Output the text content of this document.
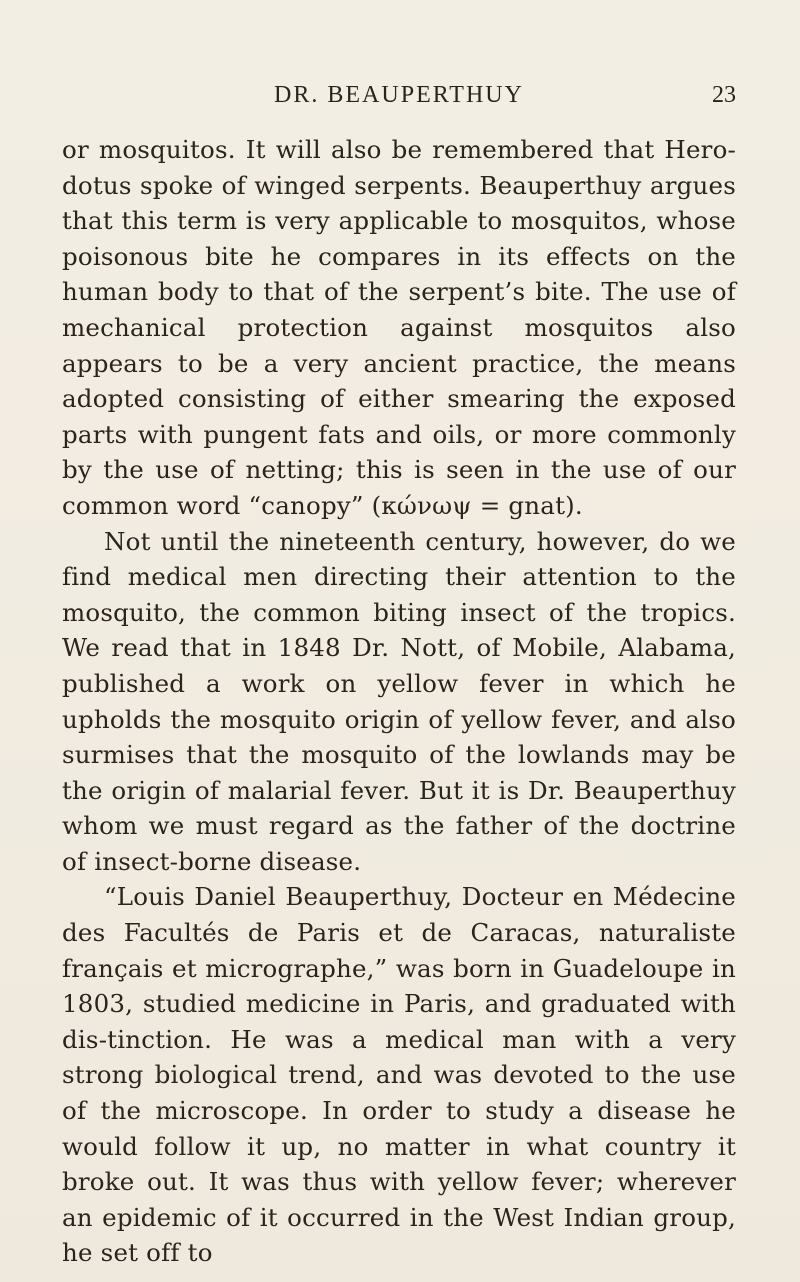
DR. BEAUPERTHUY	23

or mosquitos. It will also be remembered that Hero-dotus spoke of winged serpents. Beauperthuy argues that this term is very applicable to mosquitos, whose poisonous bite he compares in its effects on the human body to that of the serpent’s bite. The use of mechanical protection against mosquitos also appears to be a very ancient practice, the means adopted consisting of either smearing the exposed parts with pungent fats and oils, or more commonly by the use of netting; this is seen in the use of our common word “canopy” (κώνωψ = gnat).

Not until the nineteenth century, however, do we find medical men directing their attention to the mosquito, the common biting insect of the tropics. We read that in 1848 Dr. Nott, of Mobile, Alabama, published a work on yellow fever in which he upholds the mosquito origin of yellow fever, and also surmises that the mosquito of the lowlands may be the origin of malarial fever. But it is Dr. Beauperthuy whom we must regard as the father of the doctrine of insect-borne disease.

“Louis Daniel Beauperthuy, Docteur en Médecine des Facultés de Paris et de Caracas, naturaliste français et micrographe,” was born in Guadeloupe in 1803, studied medicine in Paris, and graduated with dis-tinction. He was a medical man with a very strong biological trend, and was devoted to the use of the microscope. In order to study a disease he would follow it up, no matter in what country it broke out. It was thus with yellow fever; wherever an epidemic of it occurred in the West Indian group, he set off to
